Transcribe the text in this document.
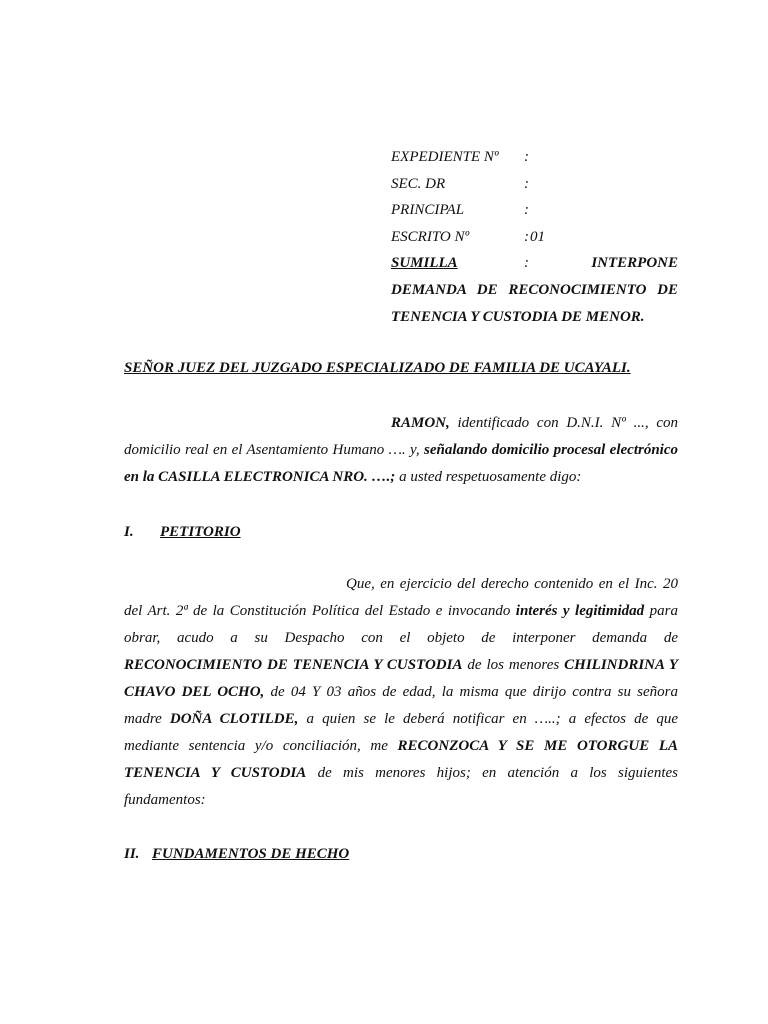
EXPEDIENTE Nº :
SEC. DR	:
PRINCIPAL	:
ESCRITO Nº	: 01
SUMILLA	:	INTERPONE
DEMANDA DE RECONOCIMIENTO DE
TENENCIA Y CUSTODIA DE MENOR.
SEÑOR JUEZ DEL JUZGADO ESPECIALIZADO DE FAMILIA DE UCAYALI.
RAMON, identificado con D.N.I. Nº ..., con
domicilio real en el Asentamiento Humano …. y, señalando domicilio procesal electrónico
en la CASILLA ELECTRONICA NRO. ….; a usted respetuosamente digo:
I. PETITORIO
Que, en ejercicio del derecho contenido en el Inc. 20
del Art. 2ª de la Constitución Política del Estado e invocando interés y legitimidad para
obrar, acudo a su Despacho con el objeto de interponer demanda de
RECONOCIMIENTO DE TENENCIA Y CUSTODIA de los menores CHILINDRINA Y
CHAVO DEL OCHO, de 04 Y 03 años de edad, la misma que dirijo contra su señora
madre DOÑA CLOTILDE, a quien se le deberá notificar en …..; a efectos de que
mediante sentencia y/o conciliación, me RECONZOCA Y SE ME OTORGUE LA
TENENCIA Y CUSTODIA de mis menores hijos; en atención a los siguientes
fundamentos:
II. FUNDAMENTOS DE HECHO
